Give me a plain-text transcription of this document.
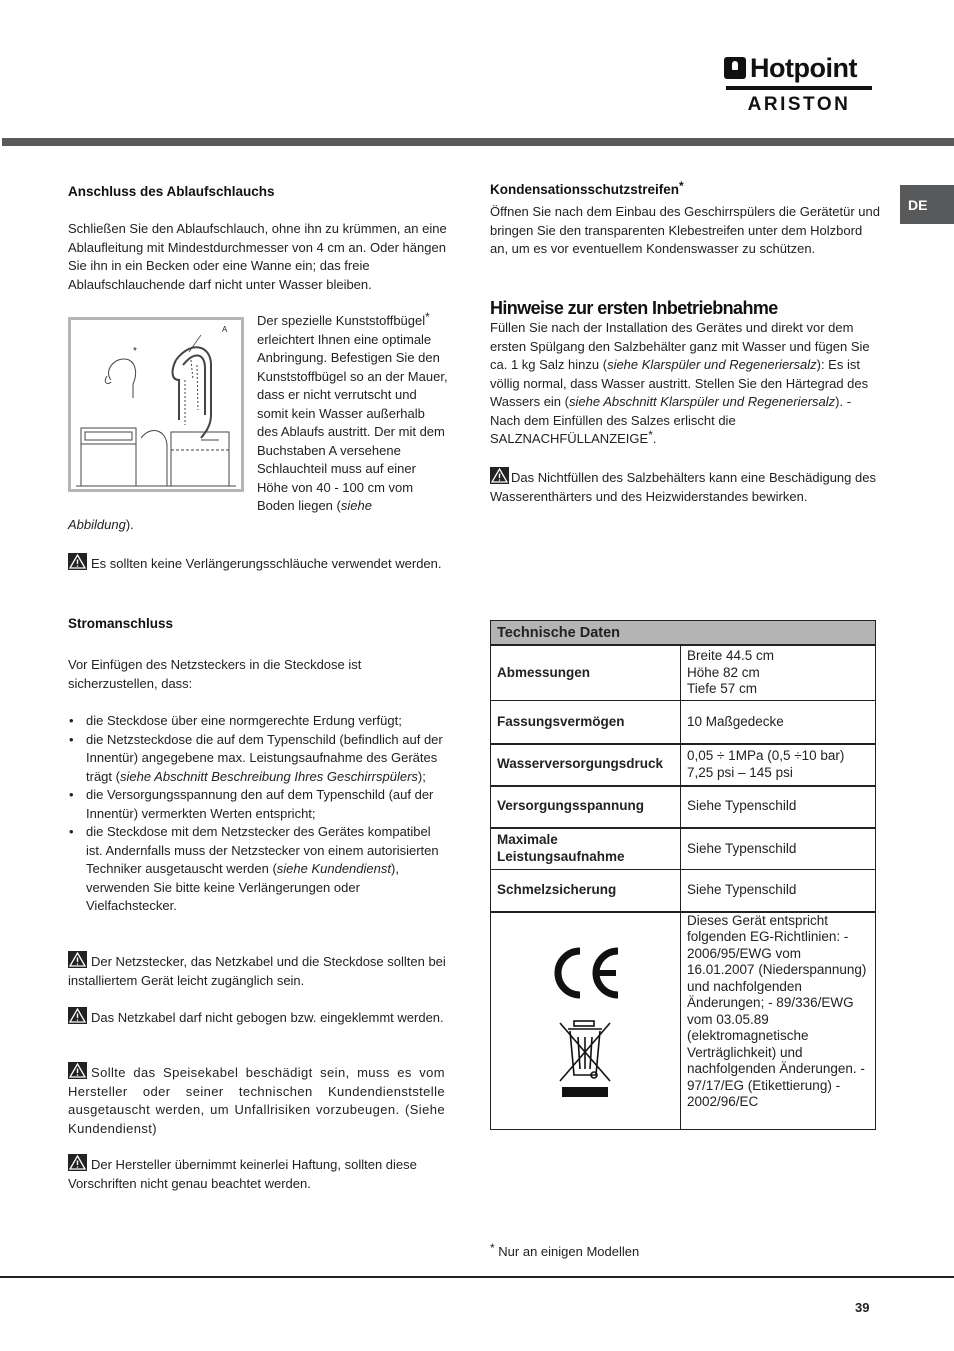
Hotpoint
ARISTON
DE
Anschluss des Ablaufschlauchs

Schließen Sie den Ablaufschlauch, ohne ihn zu krümmen, an eine Ablaufleitung mit Mindestdurchmesser von 4 cm an. Oder hängen Sie ihn in ein Becken oder eine Wanne ein; das freie Ablaufschlauchende darf nicht unter Wasser bleiben.

A
*

Der spezielle Kunststoffbügel* erleichtert Ihnen eine optimale Anbringung. Befestigen Sie den Kunststoffbügel so an der Mauer, dass er nicht verrutscht und somit kein Wasser außerhalb des Ablaufs austritt. Der mit dem Buchstaben A versehene Schlauchteil muss auf einer Höhe von 40 - 100 cm vom Boden liegen (siehe

Abbildung).

Es sollten keine Verlängerungsschläuche verwendet werden.

Stromanschluss

Vor Einfügen des Netzsteckers in die Steckdose ist sicherzustellen, dass:

• die Steckdose über eine normgerechte Erdung verfügt;
• die Netzsteckdose die auf dem Typenschild (befindlich auf der Innentür) angegebene max. Leistungsaufnahme des Gerätes trägt (siehe Abschnitt Beschreibung Ihres Geschirrspülers);
• die Versorgungsspannung den auf dem Typenschild (auf der Innentür) vermerkten Werten entspricht;
• die Steckdose mit dem Netzstecker des Gerätes kompatibel ist. Andernfalls muss der Netzstecker von einem autorisierten Techniker ausgetauscht werden (siehe Kundendienst), verwenden Sie bitte keine Verlängerungen oder Vielfachstecker.

Der Netzstecker, das Netzkabel und die Steckdose sollten bei installiertem Gerät leicht zugänglich sein.

Das Netzkabel darf nicht gebogen bzw. eingeklemmt werden.

Sollte das Speisekabel beschädigt sein, muss es vom Hersteller oder seiner technischen Kundendienststelle ausgetauscht werden, um Unfallrisiken vorzubeugen. (Siehe Kundendienst)

Der Hersteller übernimmt keinerlei Haftung, sollten diese Vorschriften nicht genau beachtet werden.

Kondensationsschutzstreifen*

Öffnen Sie nach dem Einbau des Geschirrspülers die Gerätetür und bringen Sie den transparenten Klebestreifen unter dem Holzbord an, um es vor eventuellem Kondenswasser zu schützen.

Hinweise zur ersten Inbetriebnahme

Füllen Sie nach der Installation des Gerätes und direkt vor dem ersten Spülgang den Salzbehälter ganz mit Wasser und fügen Sie ca. 1 kg Salz hinzu (siehe Klarspüler und Regeneriersalz): Es ist völlig normal, dass Wasser austritt. Stellen Sie den Härtegrad des Wassers ein (siehe Abschnitt Klarspüler und Regeneriersalz). - Nach dem Einfüllen des Salzes erlischt die SALZNACHFÜLLANZEIGE*.

Das Nichtfüllen des Salzbehälters kann eine Beschädigung des Wasserenthärters und des Heizwiderstandes bewirken.

Technische Daten	
Abmessungen	Breite 44.5 cm
Höhe 82 cm
Tiefe 57 cm

Fassungsvermögen	10 Maßgedecke

Wasserversorgungsdruck	0,05 ÷ 1MPa (0,5 ÷10 bar)
7,25 psi – 145 psi

Versorgungsspannung	Siehe Typenschild

Maximale Leistungsaufnahme	Siehe Typenschild

Schmelzsicherung	Siehe Typenschild

	Dieses Gerät entspricht folgenden EG-Richtlinien: - 2006/95/EWG vom 16.01.2007 (Niederspannung) und nachfolgenden Änderungen; - 89/336/EWG vom 03.05.89 (elektromagnetische Verträglichkeit) und nachfolgenden Änderungen. - 97/17/EG (Etikettierung) - 2002/96/EC

* Nur an einigen Modellen

39
